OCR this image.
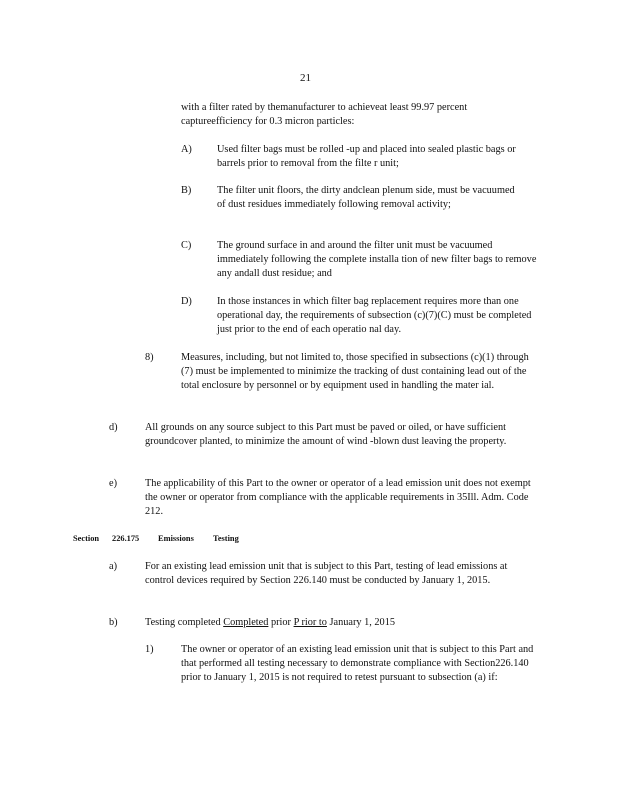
21
with a filter rated by themanufacturer to achieveat least 99.97 percent captureefficiency for 0.3 micron particles:
A) Used filter bags must be rolled -up and placed into sealed plastic bags or barrels prior to removal from the filte r unit;
B) The filter unit floors, the dirty andclean plenum side, must be vacuumed of dust residues immediately following removal activity;
C) The ground surface in and around the filter unit must be vacuumed immediately following the complete installa tion of new filter bags to remove any andall dust residue; and
D) In those instances in which filter bag replacement requires more than one operational day, the requirements of subsection (c)(7)(C) must be completed just prior to the end of each operatio nal day.
8)	Measures, including, but not limited to, those specified in subsections (c)(1) through (7) must be implemented to minimize the tracking of dust containing lead out of the total enclosure by personnel or by equipment used in handling the mater ial.
d)	All grounds on any source subject to this Part must be paved or oiled, or have sufficient groundcover planted, to minimize the amount of wind -blown dust leaving the property.
e)	The applicability of this Part to the owner or operator of a lead emission unit does not exempt the owner or operator from compliance with the applicable requirements in 35Ill. Adm. Code 212.
Section 226.175 Emissions Testing
a)	For an existing lead emission unit that is subject to this Part, testing of lead emissions at control devices required by Section 226.140 must be conducted by January 1, 2015.
b)	Testing completed Completed prior P rior to January 1, 2015
1)	The owner or operator of an existing lead emission unit that is subject to this Part and that performed all testing necessary to demonstrate compliance with Section226.140 prior to January 1, 2015 is not required to retest pursuant to subsection (a) if:
